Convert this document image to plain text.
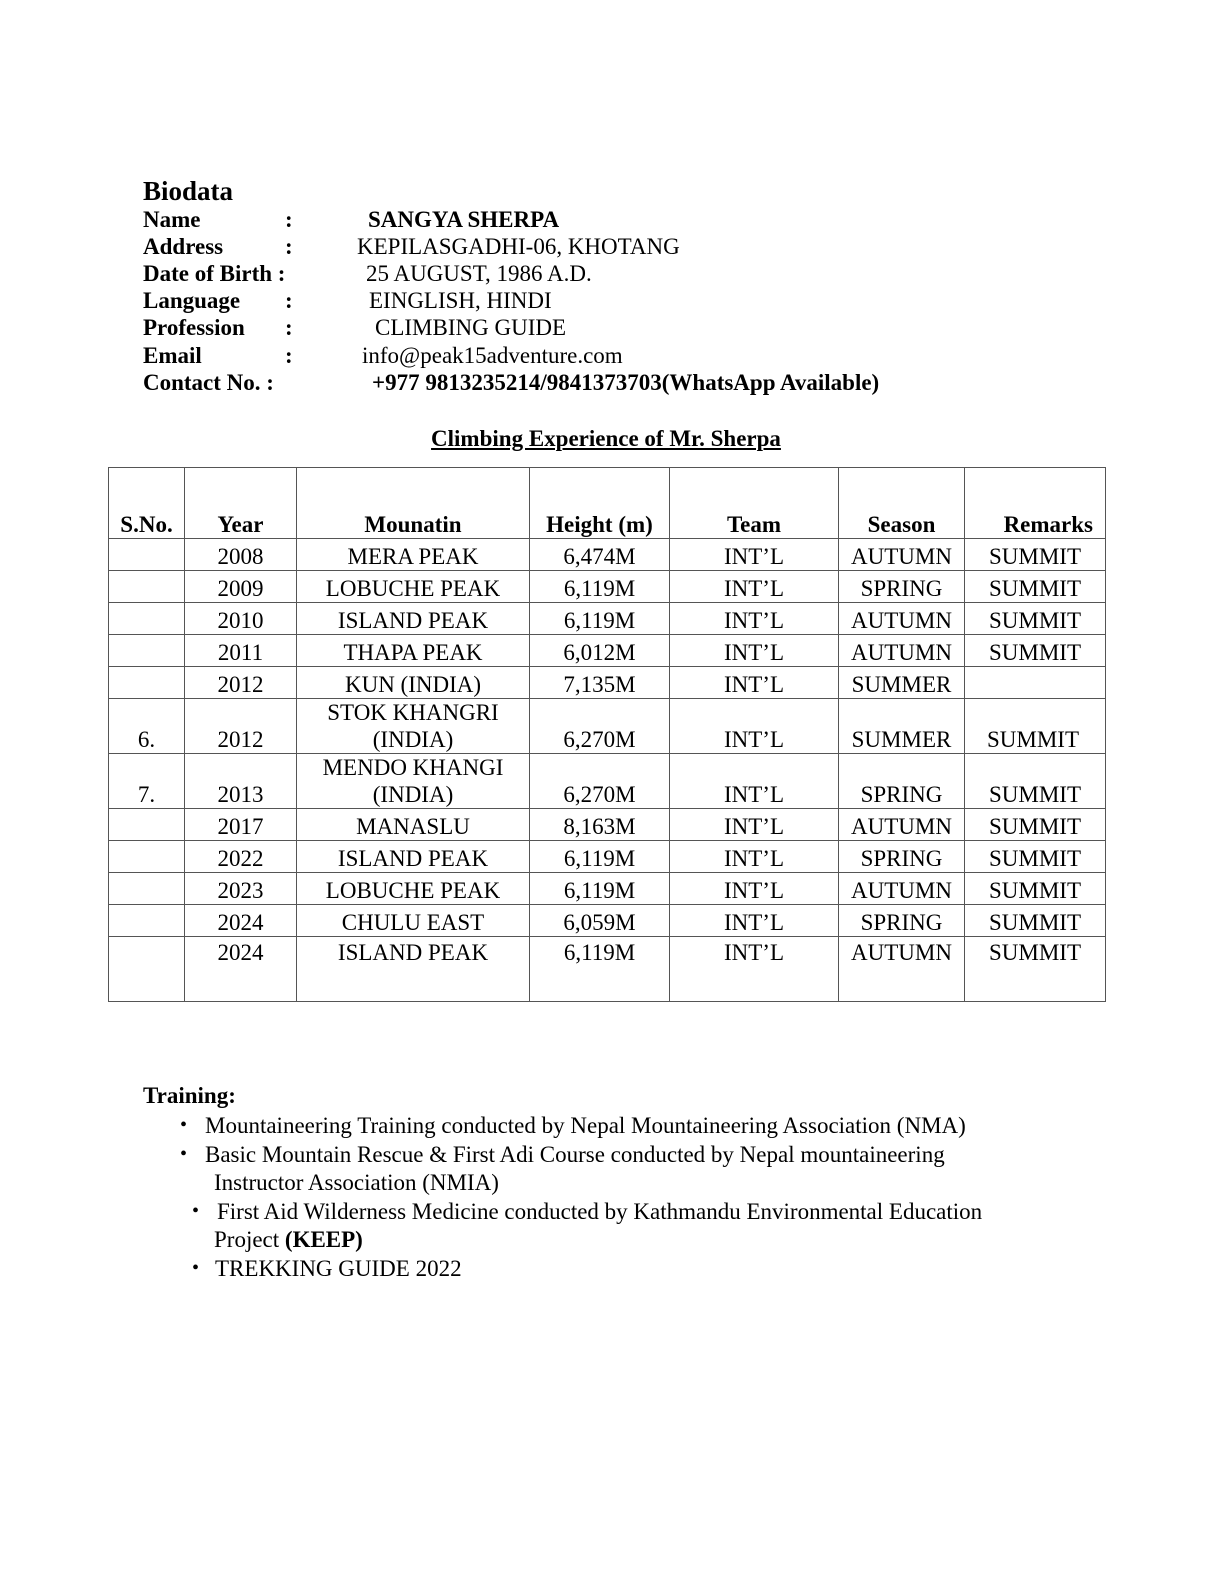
Biodata
Name	:	SANGYA SHERPA
Address	:	KEPILASGADHI-06, KHOTANG
Date of Birth :	25 AUGUST, 1986 A.D.
Language :	EINGLISH, HINDI
Profession :	CLIMBING GUIDE
Email	:	info@peak15adventure.com
Contact No. :	+977 9813235214/9841373703(WhatsApp Available)
Climbing Experience of Mr. Sherpa
S.No.	Year	Mounatin	Height (m)	Team	Season	Remarks
	2008	MERA PEAK	6,474M	INT’L	AUTUMN	SUMMIT
	2009	LOBUCHE PEAK	6,119M	INT’L	SPRING	SUMMIT
	2010	ISLAND PEAK	6,119M	INT’L	AUTUMN	SUMMIT
	2011	THAPA PEAK	6,012M	INT’L	AUTUMN	SUMMIT
	2012	KUN (INDIA)	7,135M	INT’L	SUMMER	
6.	2012	STOK KHANGRI (INDIA)	6,270M	INT’L	SUMMER	SUMMIT
7.	2013	MENDO KHANGI (INDIA)	6,270M	INT’L	SPRING	SUMMIT
	2017	MANASLU	8,163M	INT’L	AUTUMN	SUMMIT
	2022	ISLAND PEAK	6,119M	INT’L	SPRING	SUMMIT
	2023	LOBUCHE PEAK	6,119M	INT’L	AUTUMN	SUMMIT
	2024	CHULU EAST	6,059M	INT’L	SPRING	SUMMIT
	2024	ISLAND PEAK	6,119M	INT’L	AUTUMN	SUMMIT
Training:
• Mountaineering Training conducted by Nepal Mountaineering Association (NMA)
• Basic Mountain Rescue & First Adi Course conducted by Nepal mountaineering
Instructor Association (NMIA)
• First Aid Wilderness Medicine conducted by Kathmandu Environmental Education
Project (KEEP)
• TREKKING GUIDE 2022
